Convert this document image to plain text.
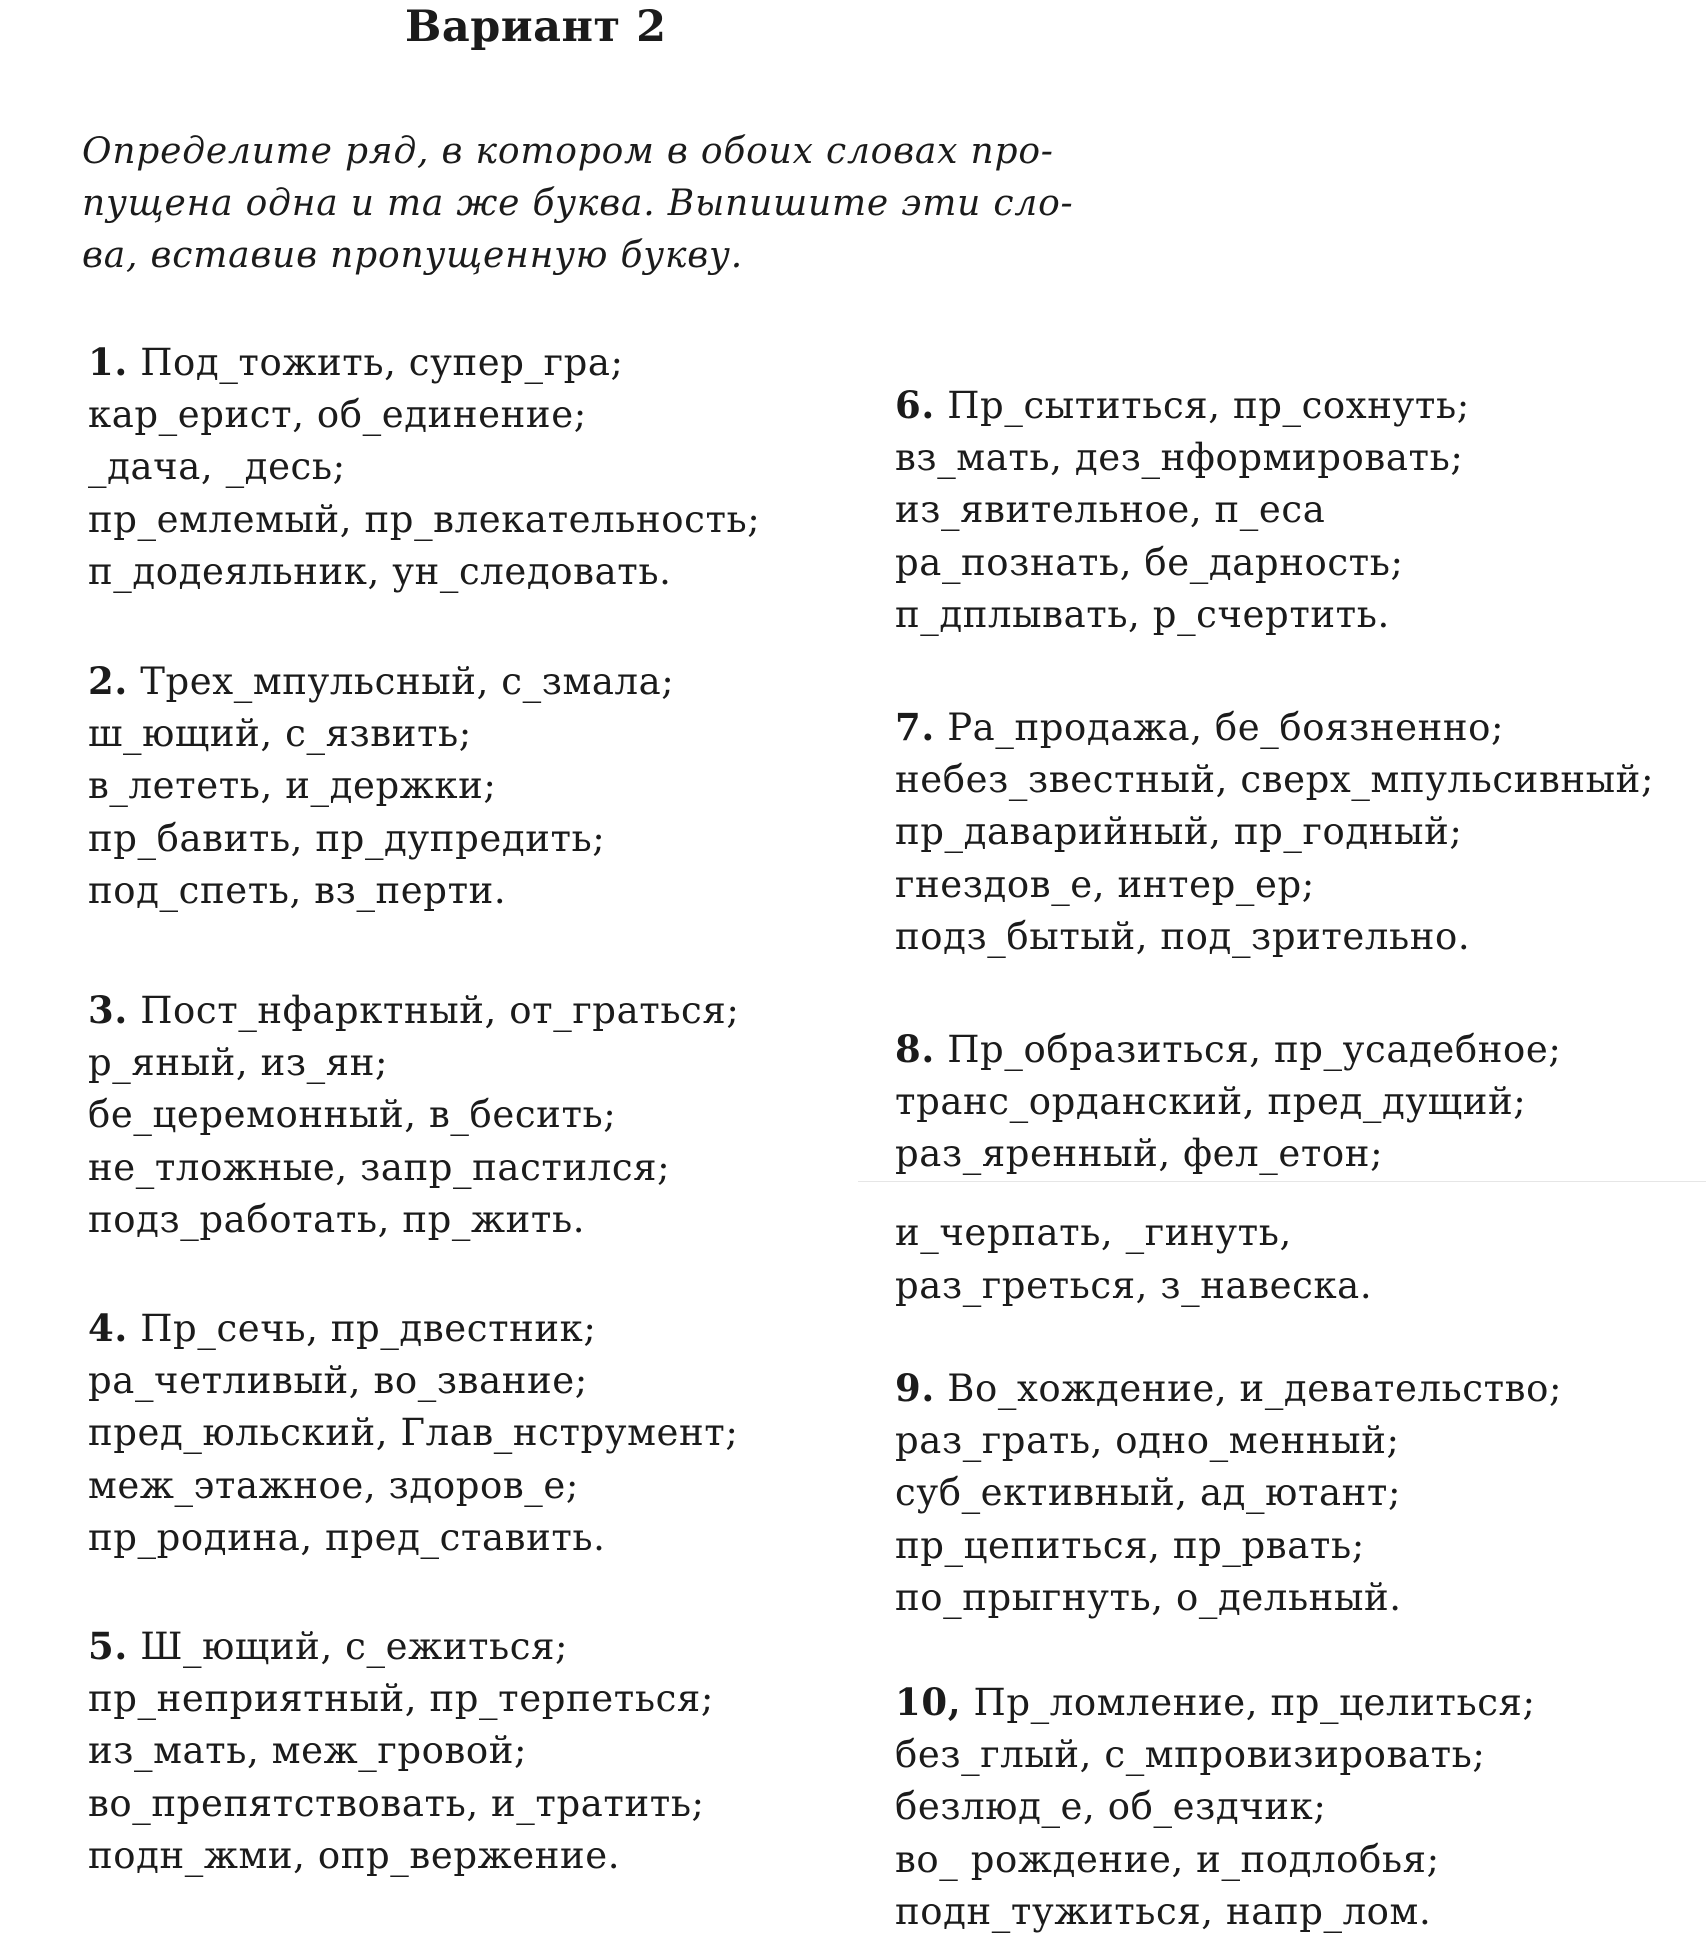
Вариант 2
Определите ряд, в котором в обоих словах про-
пущена одна и та же буква. Выпишите эти сло-
ва, вставив пропущенную букву.
1. Под_тожить, супер_гра;
кар_ерист, об_единение;
_дача, _десь;
пр_емлемый, пр_влекательность;
п_додеяльник, ун_следовать.
2. Трех_мпульсный, с_змала;
ш_ющий, с_язвить;
в_лететь, и_держки;
пр_бавить, пр_дупредить;
под_спеть, вз_перти.
3. Пост_нфарктный, от_граться;
р_яный, из_ян;
бе_церемонный, в_бесить;
не_тложные, запр_пастился;
подз_работать, пр_жить.
4. Пр_сечь, пр_двестник;
ра_четливый, во_звание;
пред_юльский, Глав_нструмент;
меж_этажное, здоров_е;
пр_родина, пред_ставить.
5. Ш_ющий, с_ежиться;
пр_неприятный, пр_терпеться;
из_мать, меж_гровой;
во_препятствовать, и_тратить;
подн_жми, опр_вержение.
6. Пр_сытиться, пр_сохнуть;
вз_мать, дез_нформировать;
из_явительное, п_еса
ра_познать, бе_дарность;
п_дплывать, р_счертить.
7. Ра_продажа, бе_боязненно;
небез_звестный, сверх_мпульсивный;
пр_даварийный, пр_годный;
гнездов_е, интер_ер;
подз_бытый, под_зрительно.
8. Пр_образиться, пр_усадебное;
транс_орданский, пред_дущий;
раз_яренный, фел_етон;
и_черпать, _гинуть,
раз_греться, з_навеска.
9. Во_хождение, и_девательство;
раз_грать, одно_менный;
суб_ективный, ад_ютант;
пр_цепиться, пр_рвать;
по_прыгнуть, о_дельный.
10, Пр_ломление, пр_целиться;
без_глый, с_мпровизировать;
безлюд_е, об_ездчик;
во_ рождение, и_подлобья;
подн_тужиться, напр_лом.
